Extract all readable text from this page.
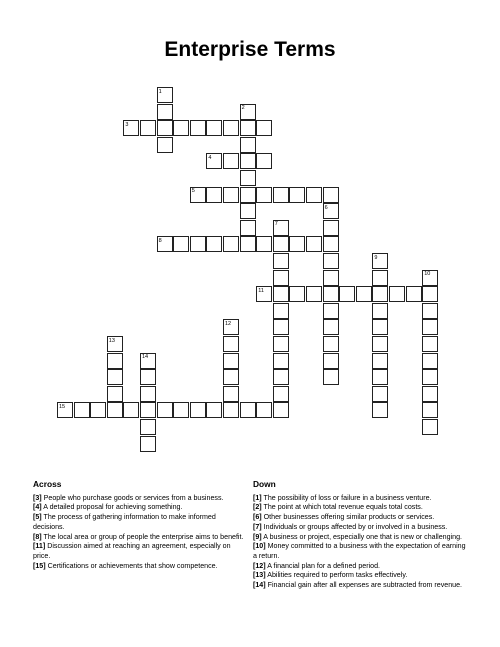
Enterprise Terms
1
2
3
4
5
6
7
8
9
10
11
12
13
14
15
Across

[3] People who purchase goods or services from a business.

[4] A detailed proposal for achieving something.

[5] The process of gathering information to make informed decisions.

[8] The local area or group of people the enterprise aims to benefit.

[11] Discussion aimed at reaching an agreement, especially on price.

[15] Certifications or achievements that show competence.

Down

[1] The possibility of loss or failure in a business venture.

[2] The point at which total revenue equals total costs.

[6] Other businesses offering similar products or services.

[7] Individuals or groups affected by or involved in a business.

[9] A business or project, especially one that is new or challenging.

[10] Money committed to a business with the expectation of earning a return.

[12] A financial plan for a defined period.

[13] Abilities required to perform tasks effectively.

[14] Financial gain after all expenses are subtracted from revenue.
